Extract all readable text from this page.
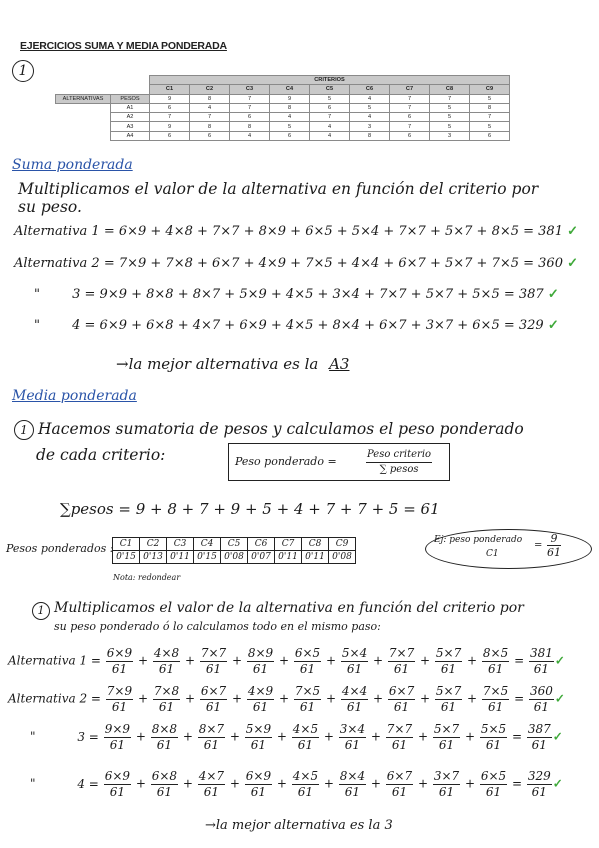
EJERCICIOS SUMA Y MEDIA PONDERADA
1
		CRITERIOS								
		C1	C2	C3	C4	C5	C6	C7	C8	C9
ALTERNATIVAS	PESOS	9	8	7	9	5	4	7	7	5
	A1	6	4	7	8	6	5	7	5	8
	A2	7	7	6	4	7	4	6	5	7
	A3	9	8	8	5	4	3	7	5	5
	A4	6	6	4	6	4	8	6	3	6
Suma ponderada
Multiplicamos el valor de la alternativa en función del criterio por
su peso.
Alternativa 1 = 6×9 + 4×8 + 7×7 + 8×9 + 6×5 + 5×4 + 7×7 + 5×7 + 8×5 = 381 ✓
Alternativa 2 = 7×9 + 7×8 + 6×7 + 4×9 + 7×5 + 4×4 + 6×7 + 5×7 + 7×5 = 360 ✓
" 3 = 9×9 + 8×8 + 8×7 + 5×9 + 4×5 + 3×4 + 7×7 + 5×7 + 5×5 = 387 ✓
" 4 = 6×9 + 6×8 + 4×7 + 6×9 + 4×5 + 8×4 + 6×7 + 3×7 + 6×5 = 329 ✓
→la mejor alternativa es la A3
Media ponderada
1 Hacemos sumatoria de pesos y calculamos el peso ponderado
de cada criterio:	Peso ponderado =
Peso criterio
∑ pesos
∑pesos = 9 + 8 + 7 + 9 + 5 + 4 + 7 + 7 + 5 = 61
Pesos ponderados : C1	C2	C3	C4	C5	C6	C7	C8	C9
0'15	0'13	0'11	0'15	0'08	0'07	0'11	0'11	0'08
Nota: redondear
Ej: peso ponderado
C1
= $\frac{9}{61}$
1 Multiplicamos el valor de la alternativa en función del criterio por
su peso ponderado ó lo calculamos todo en el mismo paso:
Alternativa $1 = \frac{6\times 9}{61} + \frac{4\times 8}{61} + \frac{7\times 7}{61} + \frac{8\times 9}{61} + \frac{6\times 5}{61} + \frac{5\times 4}{61} + \frac{7\times 7}{61} + \frac{5\times 7}{61} + \frac{8\times 5}{61} = \frac{381}{61}$ ✓
Alternativa $2 = \frac{7\times 9}{61} + \frac{7\times 8}{61} + \frac{6\times 7}{61} + \frac{4\times 9}{61} + \frac{7\times 5}{61} + \frac{4\times 4}{61} + \frac{6\times 7}{61} + \frac{5\times 7}{61} + \frac{7\times 5}{61} = \frac{360}{61}$ ✓
"	$3 = \frac{9\times 9}{61} + \frac{8\times 8}{61} + \frac{8\times 7}{61} + \frac{5\times 9}{61} + \frac{4\times 5}{61} + \frac{3\times 4}{61} + \frac{7\times 7}{61} + \frac{5\times 7}{61} + \frac{5\times 5}{61} = \frac{387}{61}$ ✓
"	$4 = \frac{6\times 9}{61} + \frac{6\times 8}{61} + \frac{4\times 7}{61} + \frac{6\times 9}{61} + \frac{4\times 5}{61} + \frac{8\times 4}{61} + \frac{6\times 7}{61} + \frac{3\times 7}{61} + \frac{6\times 5}{61} = \frac{329}{61}$ ✓
→la mejor alternativa es la 3
